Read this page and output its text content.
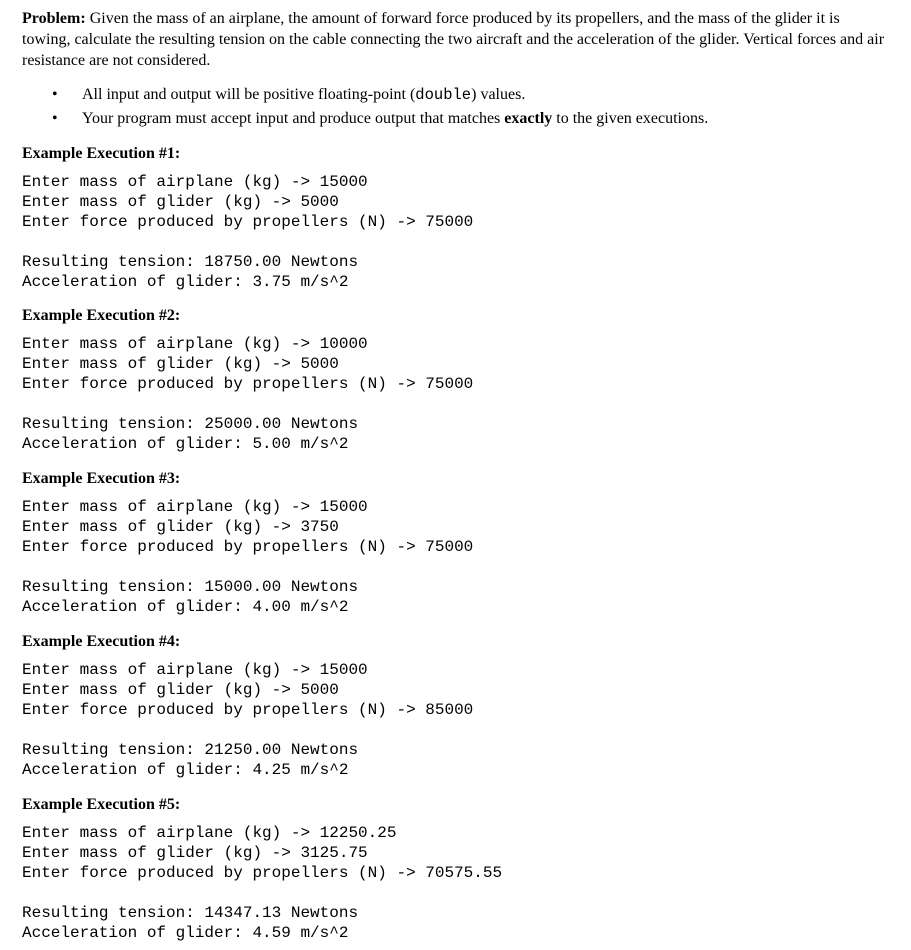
Problem: Given the mass of an airplane, the amount of forward force produced by its propellers, and the mass of the glider it is towing, calculate the resulting tension on the cable connecting the two aircraft and the acceleration of the glider. Vertical forces and air resistance are not considered.

• All input and output will be positive floating-point (double) values.
• Your program must accept input and produce output that matches exactly to the given executions.

Example Execution #1:

Enter mass of airplane (kg) -> 15000
Enter mass of glider (kg) -> 5000
Enter force produced by propellers (N) -> 75000
Resulting tension: 18750.00 Newtons
Acceleration of glider: 3.75 m/s^2

Example Execution #2:

Enter mass of airplane (kg) -> 10000
Enter mass of glider (kg) -> 5000
Enter force produced by propellers (N) -> 75000
Resulting tension: 25000.00 Newtons
Acceleration of glider: 5.00 m/s^2

Example Execution #3:

Enter mass of airplane (kg) -> 15000
Enter mass of glider (kg) -> 3750
Enter force produced by propellers (N) -> 75000
Resulting tension: 15000.00 Newtons
Acceleration of glider: 4.00 m/s^2

Example Execution #4:

Enter mass of airplane (kg) -> 15000
Enter mass of glider (kg) -> 5000
Enter force produced by propellers (N) -> 85000
Resulting tension: 21250.00 Newtons
Acceleration of glider: 4.25 m/s^2

Example Execution #5:

Enter mass of airplane (kg) -> 12250.25
Enter mass of glider (kg) -> 3125.75
Enter force produced by propellers (N) -> 70575.55
Resulting tension: 14347.13 Newtons
Acceleration of glider: 4.59 m/s^2
